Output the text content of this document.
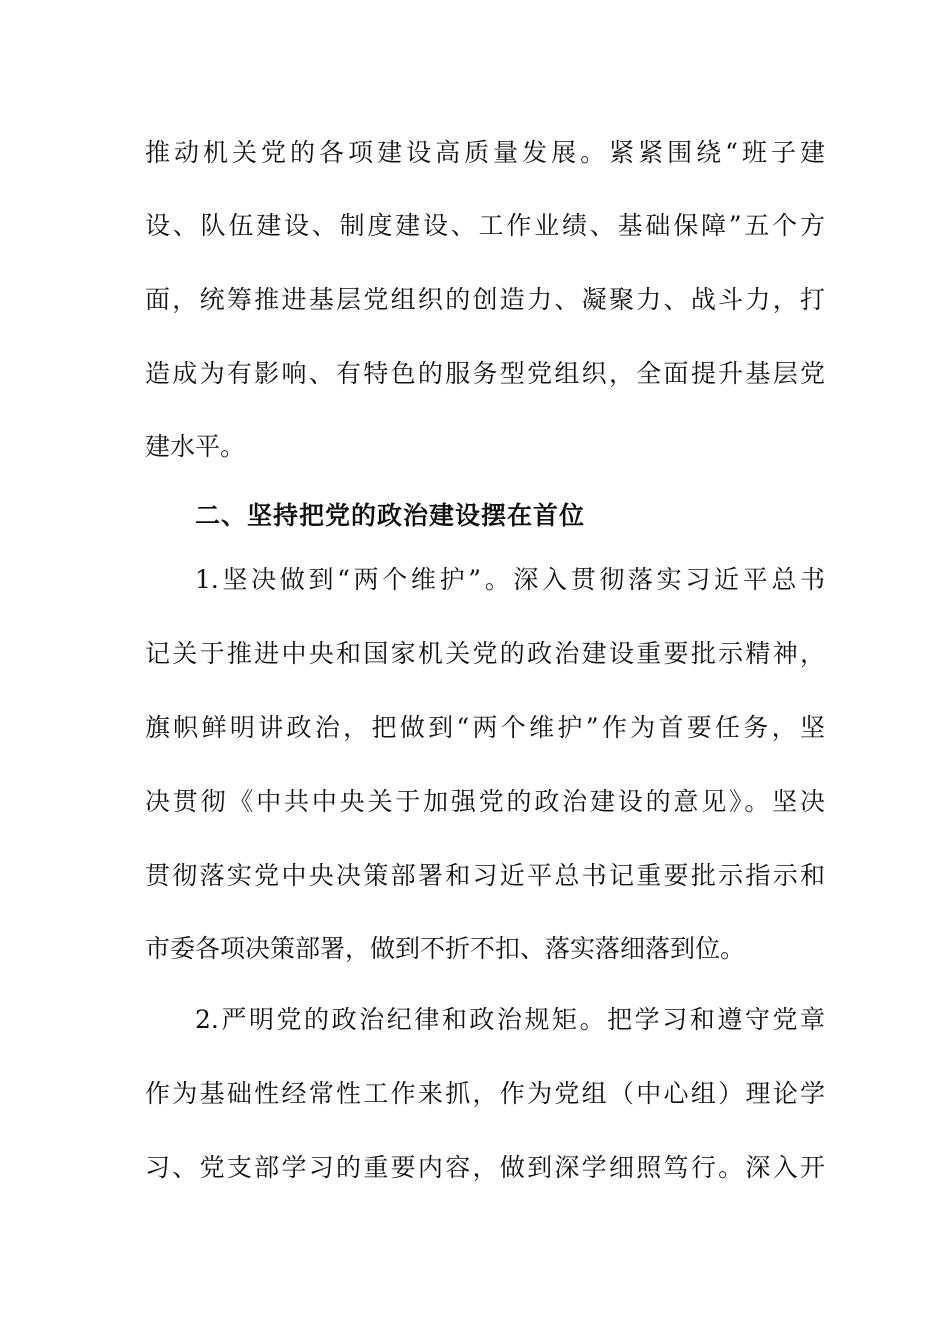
推动机关党的各项建设高质量发展。紧紧围绕“班子建
设、队伍建设、制度建设、工作业绩、基础保障”五个方
面，统筹推进基层党组织的创造力、凝聚力、战斗力，打
造成为有影响、有特色的服务型党组织，全面提升基层党
建水平。
二、坚持把党的政治建设摆在首位
1.坚决做到“两个维护”。深入贯彻落实习近平总书
记关于推进中央和国家机关党的政治建设重要批示精神，
旗帜鲜明讲政治，把做到“两个维护”作为首要任务，坚
决贯彻《中共中央关于加强党的政治建设的意见》。坚决
贯彻落实党中央决策部署和习近平总书记重要批示指示和
市委各项决策部署，做到不折不扣、落实落细落到位。
2.严明党的政治纪律和政治规矩。把学习和遵守党章
作为基础性经常性工作来抓，作为党组（中心组）理论学
习、党支部学习的重要内容，做到深学细照笃行。深入开
